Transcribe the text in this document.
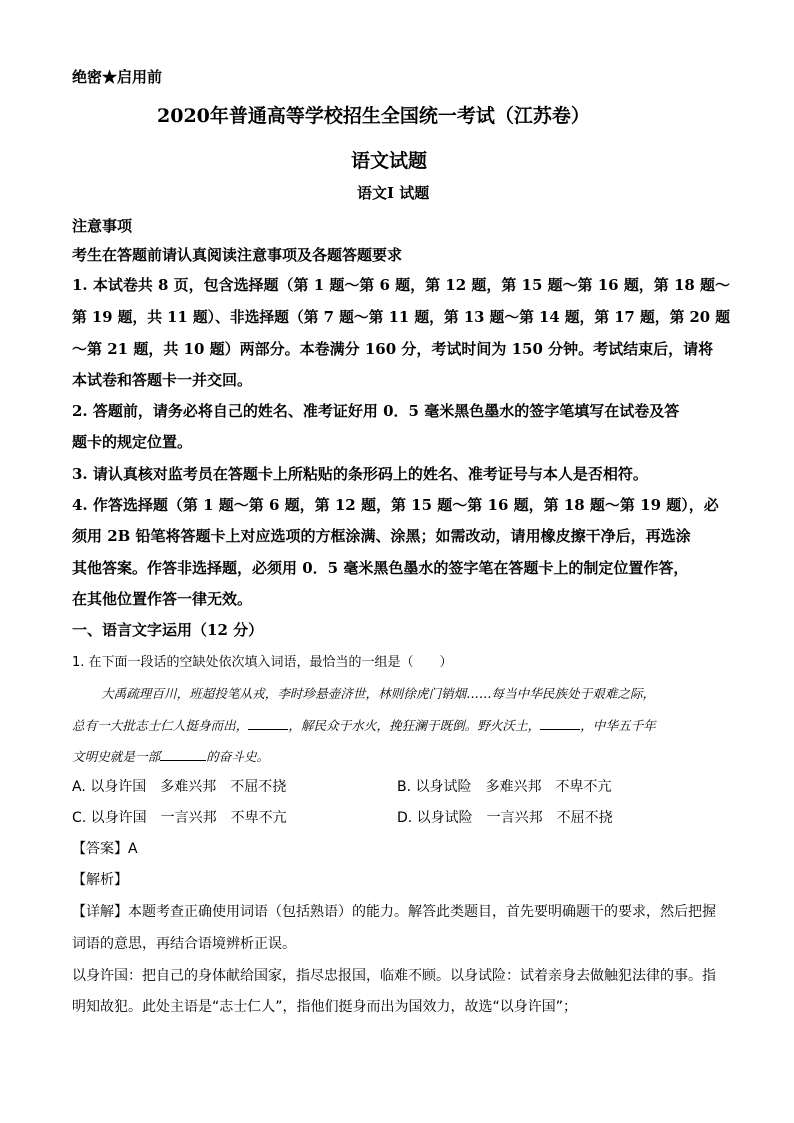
绝密★启用前
2020年普通高等学校招生全国统一考试（江苏卷）
语文试题
语文Ⅰ 试题
注意事项
考生在答题前请认真阅读注意事项及各题答题要求
1. 本试卷共 8 页，包含选择题（第 1 题～第 6 题，第 12 题，第 15 题～第 16 题，第 18 题～
第 19 题，共 11 题）、非选择题（第 7 题～第 11 题，第 13 题～第 14 题，第 17 题，第 20 题
～第 21 题，共 10 题）两部分。本卷满分 160 分，考试时间为 150 分钟。考试结束后，请将
本试卷和答题卡一并交回。
2. 答题前，请务必将自己的姓名、准考证好用 0．5 毫米黑色墨水的签字笔填写在试卷及答
题卡的规定位置。
3. 请认真核对监考员在答题卡上所粘贴的条形码上的姓名、准考证号与本人是否相符。
4. 作答选择题（第 1 题～第 6 题，第 12 题，第 15 题～第 16 题，第 18 题～第 19 题），必
须用 2B 铅笔将答题卡上对应选项的方框涂满、涂黑；如需改动，请用橡皮擦干净后，再选涂
其他答案。作答非选择题，必须用 0．5 毫米黑色墨水的签字笔在答题卡上的制定位置作答，
在其他位置作答一律无效。
一、语言文字运用（12 分）
1. 在下面一段话的空缺处依次填入词语，最恰当的一组是（　　）
大禹疏理百川，班超投笔从戎，李时珍悬壶济世，林则徐虎门销烟……每当中华民族处于艰难之际，
总有一大批志士仁人挺身而出，	，解民众于水火，挽狂澜于既倒。野火沃土，	，中华五千年
文明史就是一部	的奋斗史。
A. 以身许国　多难兴邦　不屈不挠	B. 以身试险　多难兴邦　不卑不亢
C. 以身许国　一言兴邦　不卑不亢	D. 以身试险　一言兴邦　不屈不挠
【答案】A
【解析】
【详解】本题考查正确使用词语（包括熟语）的能力。解答此类题目，首先要明确题干的要求，然后把握
词语的意思，再结合语境辨析正误。
以身许国：把自己的身体献给国家，指尽忠报国，临难不顾。以身试险：试着亲身去做触犯法律的事。指
明知故犯。此处主语是“志士仁人”，指他们挺身而出为国效力，故选“以身许国”；
